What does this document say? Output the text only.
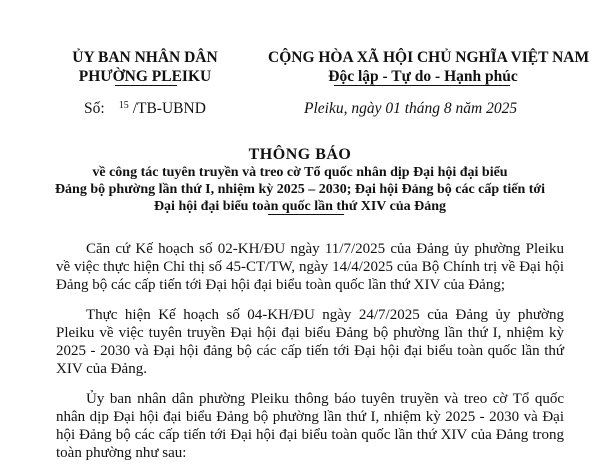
ỦY BAN NHÂN DÂN
PHƯỜNG PLEIKU
CỘNG HÒA XÃ HỘI CHỦ NGHĨA VIỆT NAM
Độc lập - Tự do - Hạnh phúc
Số: $^{15}$ /TB-UBND	Pleiku, ngày 01 tháng 8 năm 2025
THÔNG BÁO
về công tác tuyên truyền và treo cờ Tổ quốc nhân dịp Đại hội đại biểu
Đảng bộ phường lần thứ I, nhiệm kỳ 2025 – 2030; Đại hội Đảng bộ các cấp tiến tới
Đại hội đại biểu toàn quốc lần thứ XIV của Đảng

Căn cứ Kế hoạch số 02-KH/ĐU ngày 11/7/2025 của Đảng ủy phường Pleiku về việc thực hiện Chỉ thị số 45-CT/TW, ngày 14/4/2025 của Bộ Chính trị về Đại hội Đảng bộ các cấp tiến tới Đại hội đại biểu toàn quốc lần thứ XIV của Đảng;

Thực hiện Kế hoạch số 04-KH/ĐU ngày 24/7/2025 của Đảng ủy phường Pleiku về việc tuyên truyền Đại hội đại biểu Đảng bộ phường lần thứ I, nhiệm kỳ 2025 - 2030 và Đại hội đảng bộ các cấp tiến tới Đại hội đại biểu toàn quốc lần thứ XIV của Đảng.

Ủy ban nhân dân phường Pleiku thông báo tuyên truyền và treo cờ Tổ quốc nhân dịp Đại hội đại biểu Đảng bộ phường lần thứ I, nhiệm kỳ 2025 - 2030 và Đại hội Đảng bộ các cấp tiến tới Đại hội đại biểu toàn quốc lần thứ XIV của Đảng trong toàn phường như sau:
